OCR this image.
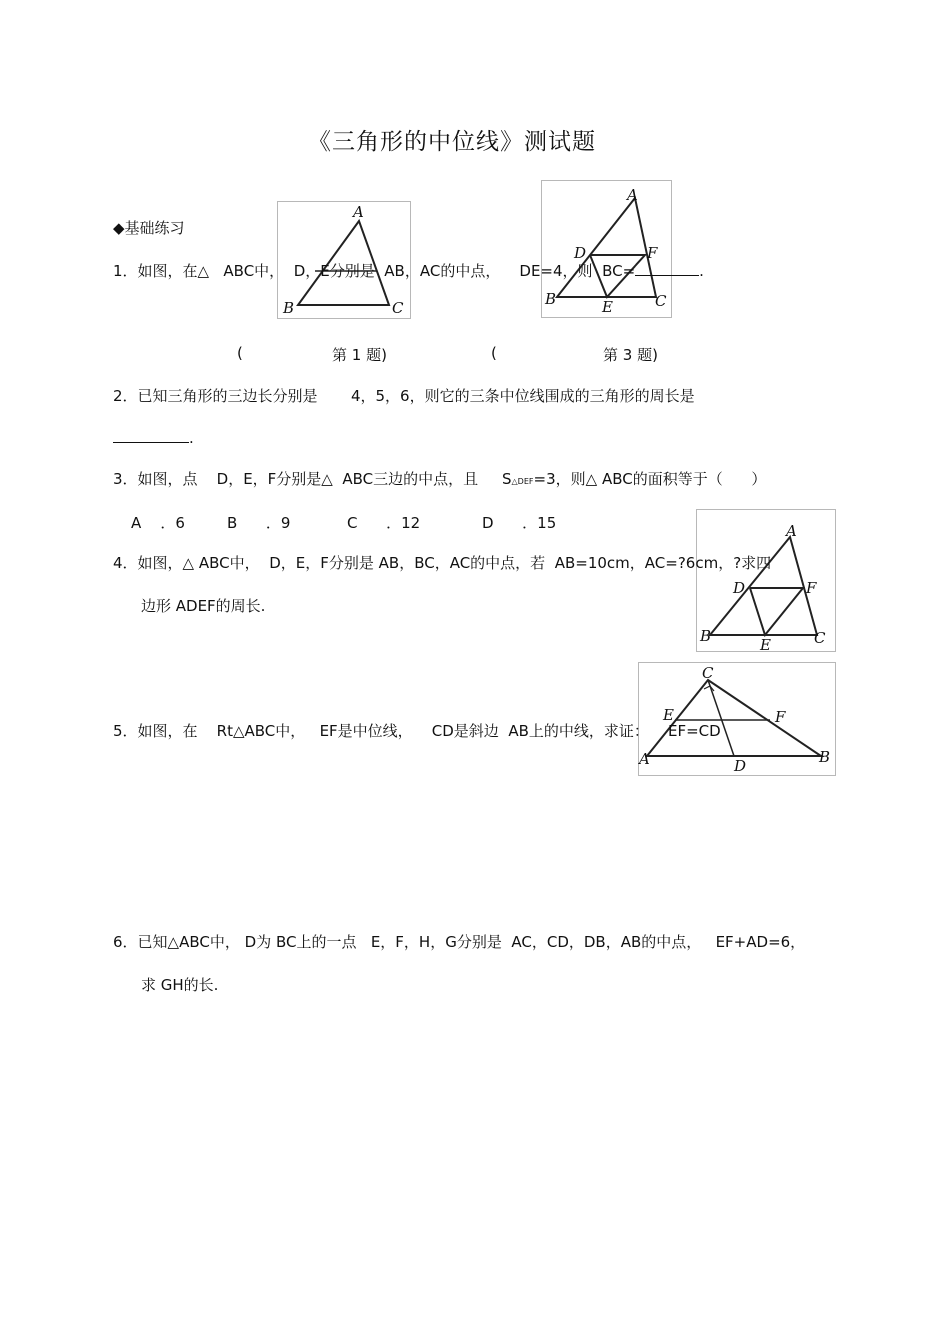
《三角形的中位线》测试题
◆基础练习
A
B	C
A
B	C
D
E
F
1．如图，在△ ABC中， D，E分别是 AB，AC的中点， DE=4，则 BC=	.
(	第 1 题)	(	第 3 题)
2．已知三角形的三边长分别是 4，5，6，则它的三条中位线围成的三角形的周长是
.
3．如图，点 D，E，F分别是△ ABC三边的中点，且 S△DEF=3，则△ ABC的面积等于（ ）
A ．6	B ．9	C ．12	D ．15	A
B	C
D
E
F
4．如图，△ ABC中， D，E，F分别是 AB，BC，AC的中点，若 AB=10cm，AC=?6cm，?求四
边形 ADEF的周长.
C
E	F
A	D	B
5．如图，在 Rt△ABC中， EF是中位线， CD是斜边 AB上的中线，求证： EF=CD
6．已知△ABC中， D为 BC上的一点 E，F，H，G分别是 AC，CD，DB，AB的中点， EF+AD=6，
求 GH的长.
